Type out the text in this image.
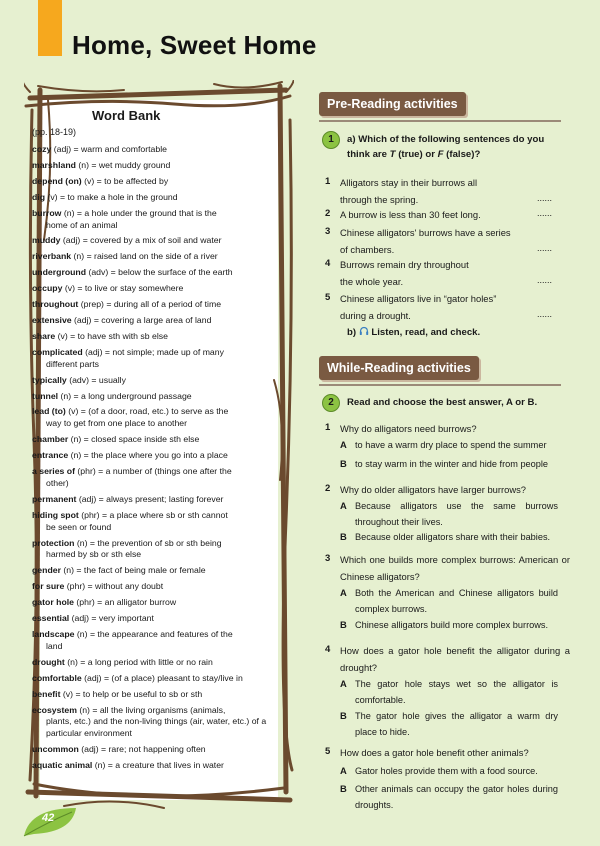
Home, Sweet Home
Word Bank
(pp. 18-19)
cozy (adj) = warm and comfortable
marshland (n) = wet muddy ground
depend (on) (v) = to be affected by
dig (v) = to make a hole in the ground
burrow (n) = a hole under the ground that is the
home of an animal
muddy (adj) = covered by a mix of soil and water
riverbank (n) = raised land on the side of a river
underground (adv) = below the surface of the earth
occupy (v) = to live or stay somewhere
throughout (prep) = during all of a period of time
extensive (adj) = covering a large area of land
share (v) = to have sth with sb else
complicated (adj) = not simple; made up of many
different parts
typically (adv) = usually
tunnel (n) = a long underground passage
lead (to) (v) = (of a door, road, etc.) to serve as the
way to get from one place to another
chamber (n) = closed space inside sth else
entrance (n) = the place where you go into a place
a series of (phr) = a number of (things one after the
other)
permanent (adj) = always present; lasting forever
hiding spot (phr) = a place where sb or sth cannot
be seen or found
protection (n) = the prevention of sb or sth being
harmed by sb or sth else
gender (n) = the fact of being male or female
for sure (phr) = without any doubt
gator hole (phr) = an alligator burrow
essential (adj) = very important
landscape (n) = the appearance and features of the
land
drought (n) = a long period with little or no rain
comfortable (adj) = (of a place) pleasant to stay/live in
benefit (v) = to help or be useful to sb or sth
ecosystem (n) = all the living organisms (animals,
plants, etc.) and the non-living things (air, water, etc.) of a particular environment
uncommon (adj) = rare; not happening often
aquatic animal (n) = a creature that lives in water
Pre-Reading activities
1	a) Which of the following sentences do you
think are T (true) or F (false)?
1 Alligators stay in their burrows all
through the spring.	......
2 A burrow is less than 30 feet long.	......
3 Chinese alligators' burrows have a series
of chambers.	......
4 Burrows remain dry throughout
the whole year.	......
5 Chinese alligators live in “gator holes”
during a drought.	......
b) Listen, read, and check.
While-Reading activities
2	Read and choose the best answer, A or B.
1 Why do alligators need burrows?
A to have a warm dry place to spend the summer
B to stay warm in the winter and hide from people
2 Why do older alligators have larger burrows?
A Because alligators use the same burrows throughout their lives.
B Because older alligators share with their babies.
3 Which one builds more complex burrows: American or Chinese alligators?
A Both the American and Chinese alligators build complex burrows.
B Chinese alligators build more complex burrows.
4 How does a gator hole benefit the alligator during a drought?
A The gator hole stays wet so the alligator is comfortable.
B The gator hole gives the alligator a warm dry place to hide.
5 How does a gator hole benefit other animals?
A Gator holes provide them with a food source.
B Other animals can occupy the gator holes during droughts.
42
